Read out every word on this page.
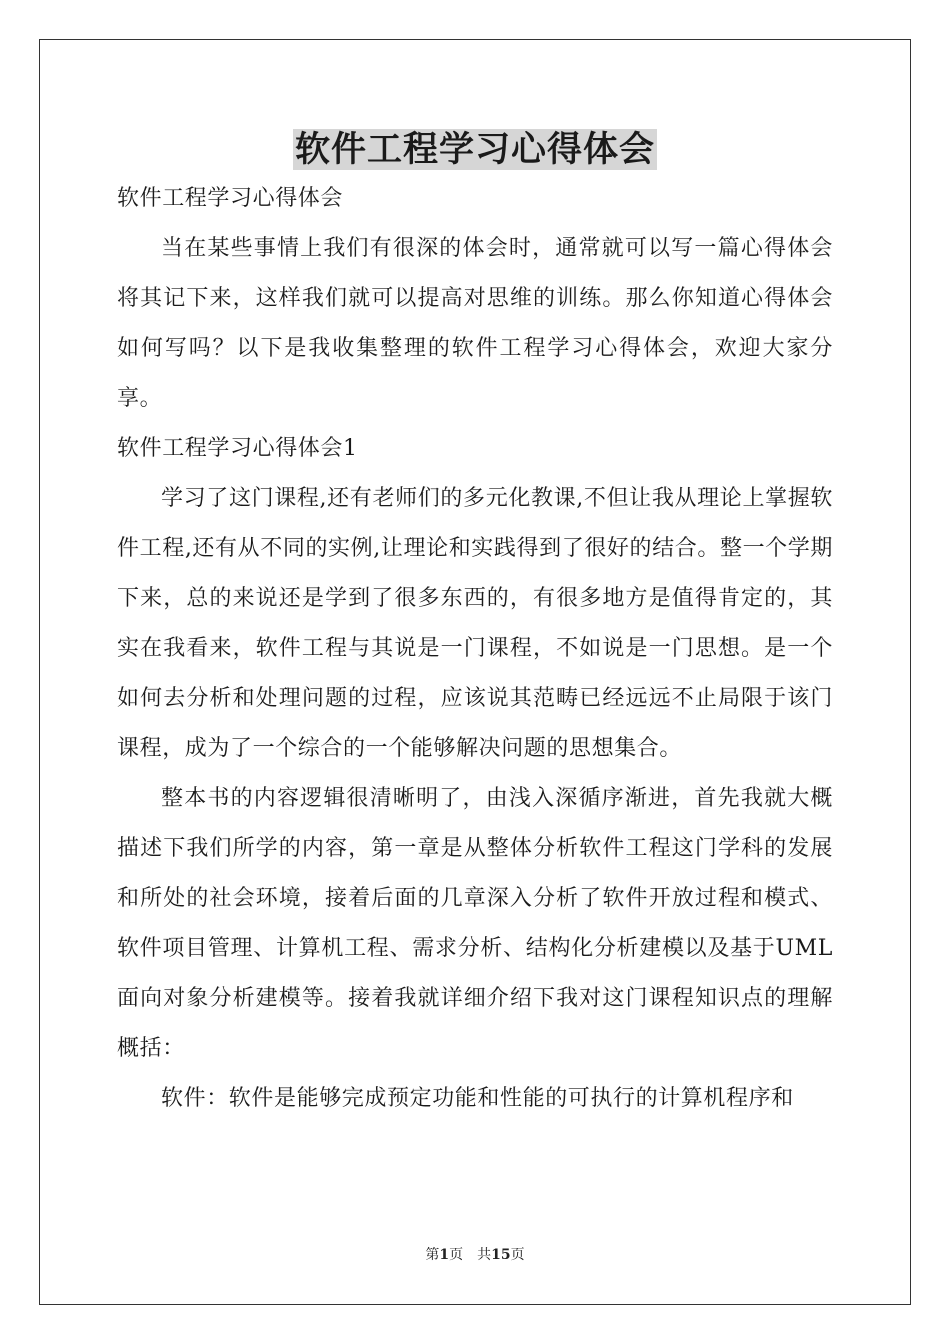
软件工程学习心得体会

软件工程学习心得体会

当在某些事情上我们有很深的体会时，通常就可以写一篇心得体会将其记下来，这样我们就可以提高对思维的训练。那么你知道心得体会如何写吗？以下是我收集整理的软件工程学习心得体会，欢迎大家分享。

软件工程学习心得体会1

学习了这门课程,还有老师们的多元化教课,不但让我从理论上掌握软件工程,还有从不同的实例,让理论和实践得到了很好的结合。整一个学期下来，总的来说还是学到了很多东西的，有很多地方是值得肯定的，其实在我看来，软件工程与其说是一门课程，不如说是一门思想。是一个如何去分析和处理问题的过程，应该说其范畴已经远远不止局限于该门课程，成为了一个综合的一个能够解决问题的思想集合。

整本书的内容逻辑很清晰明了，由浅入深循序渐进，首先我就大概描述下我们所学的内容，第一章是从整体分析软件工程这门学科的发展和所处的社会环境，接着后面的几章深入分析了软件开放过程和模式、软件项目管理、计算机工程、需求分析、结构化分析建模以及基于UML面向对象分析建模等。接着我就详细介绍下我对这门课程知识点的理解概括：

软件：软件是能够完成预定功能和性能的可执行的计算机程序和

第1页 共15页
